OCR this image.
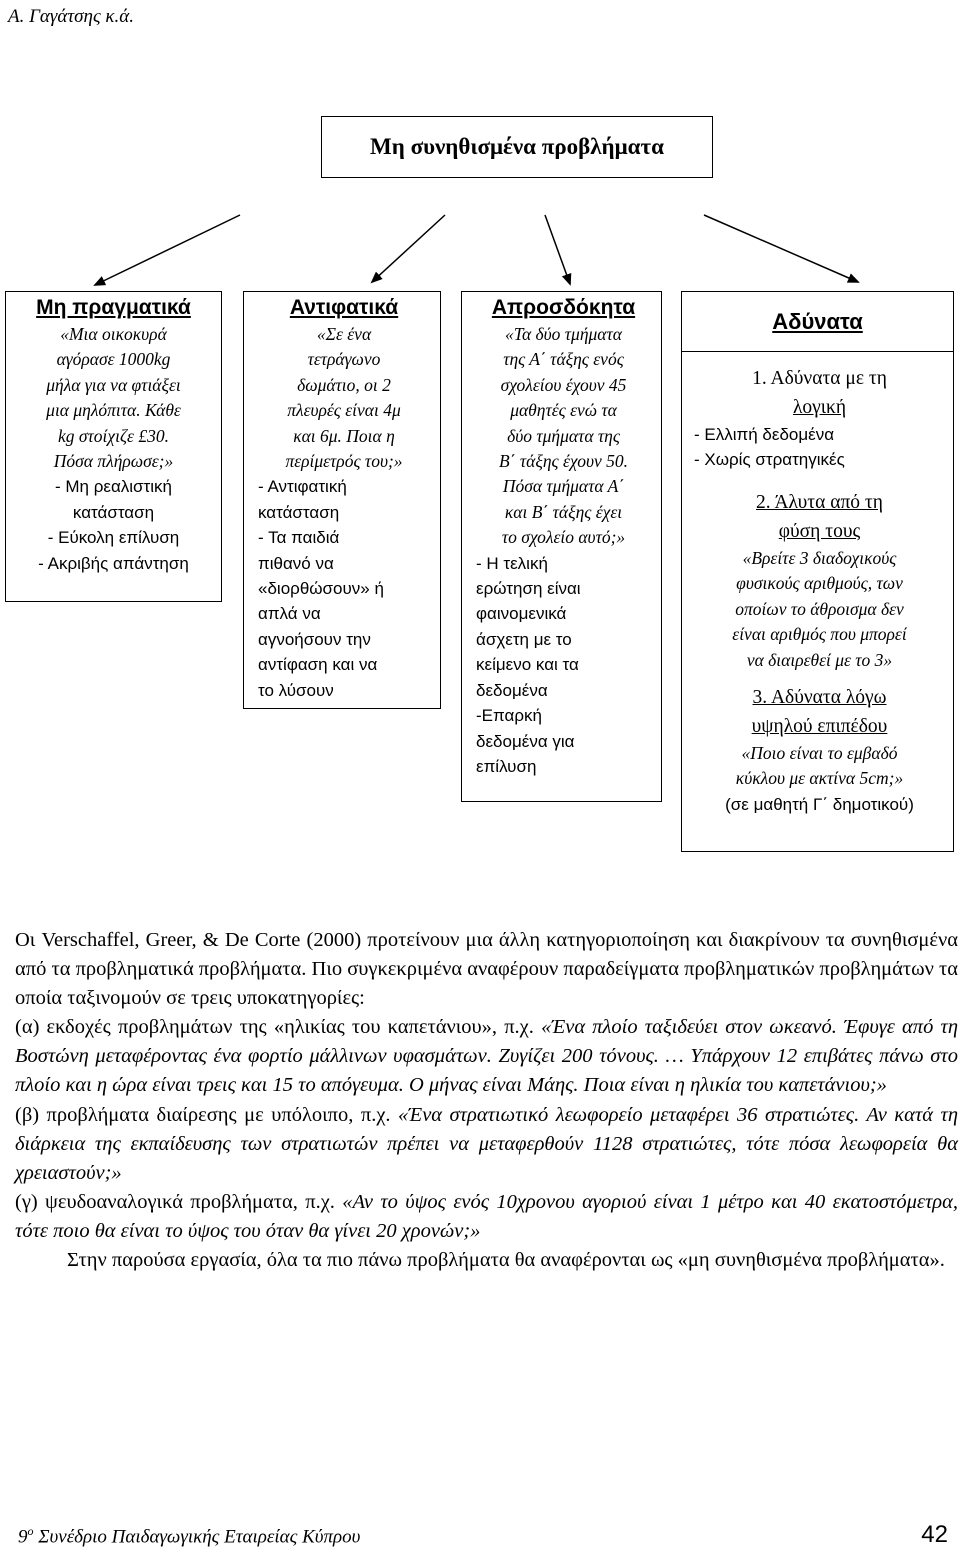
Α. Γαγάτσης κ.ά.
Μη συνηθισμένα προβλήματα
Μη πραγματικά
«Μια οικοκυρά
αγόρασε 1000kg
μήλα για να φτιάξει
μια μηλόπιτα. Κάθε
kg στοίχιζε £30.
Πόσα πλήρωσε;»
- Μη ρεαλιστική
κατάσταση
- Εύκολη επίλυση
- Ακριβής απάντηση
Αντιφατικά
«Σε ένα
τετράγωνο
δωμάτιο, οι 2
πλευρές είναι 4μ
και 6μ. Ποια η
περίμετρός του;»
- Αντιφατική
κατάσταση
- Τα παιδιά
πιθανό να
«διορθώσουν» ή
απλά να
αγνοήσουν την
αντίφαση και να
το λύσουν
Απροσδόκητα
«Τα δύο τμήματα
της Α΄ τάξης ενός
σχολείου έχουν 45
μαθητές ενώ τα
δύο τμήματα της
Β΄ τάξης έχουν 50.
Πόσα τμήματα Α΄
και Β΄ τάξης έχει
το σχολείο αυτό;»
- Η τελική
ερώτηση είναι
φαινομενικά
άσχετη με το
κείμενο και τα
δεδομένα
-Επαρκή
δεδομένα για
επίλυση
Αδύνατα
1. Αδύνατα με τη
λογική
- Ελλιπή δεδομένα
- Χωρίς στρατηγικές
2. Άλυτα από τη
φύση τους
«Βρείτε 3 διαδοχικούς
φυσικούς αριθμούς, των
οποίων το άθροισμα δεν
είναι αριθμός που μπορεί
να διαιρεθεί με το 3»
3. Αδύνατα λόγω
υψηλού επιπέδου
«Ποιο είναι το εμβαδό
κύκλου με ακτίνα 5cm;»
(σε μαθητή Γ΄ δημοτικού)

Οι Verschaffel, Greer, & De Corte (2000) προτείνουν μια άλλη κατηγοριοποίηση και διακρίνουν τα συνηθισμένα από τα προβληματικά προβλήματα. Πιο συγκεκριμένα αναφέρουν παραδείγματα προβληματικών προβλημάτων τα οποία ταξινομούν σε τρεις υποκατηγορίες:

(α) εκδοχές προβλημάτων της «ηλικίας του καπετάνιου», π.χ. «Ένα πλοίο ταξιδεύει στον ωκεανό. Έφυγε από τη Βοστώνη μεταφέροντας ένα φορτίο μάλλινων υφασμάτων. Ζυγίζει 200 τόνους. … Υπάρχουν 12 επιβάτες πάνω στο πλοίο και η ώρα είναι τρεις και 15 το απόγευμα. Ο μήνας είναι Μάης. Ποια είναι η ηλικία του καπετάνιου;»

(β) προβλήματα διαίρεσης με υπόλοιπο, π.χ. «Ένα στρατιωτικό λεωφορείο μεταφέρει 36 στρατιώτες. Αν κατά τη διάρκεια της εκπαίδευσης των στρατιωτών πρέπει να μεταφερθούν 1128 στρατιώτες, τότε πόσα λεωφορεία θα χρειαστούν;»

(γ) ψευδοαναλογικά προβλήματα, π.χ. «Αν το ύψος ενός 10χρονου αγοριού είναι 1 μέτρο και 40 εκατοστόμετρα, τότε ποιο θα είναι το ύψος του όταν θα γίνει 20 χρονών;»

Στην παρούσα εργασία, όλα τα πιο πάνω προβλήματα θα αναφέρονται ως «μη συνηθισμένα προβλήματα».

$9^o$ Συνέδριο Παιδαγωγικής Εταιρείας Κύπρου	42
